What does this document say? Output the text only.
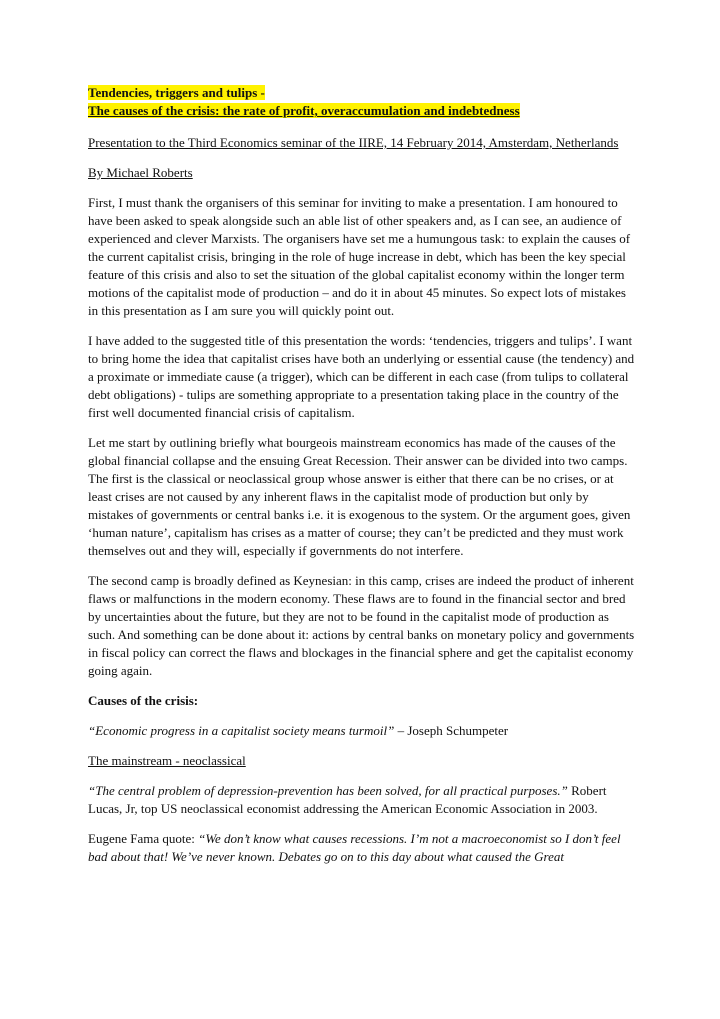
Tendencies, triggers and tulips -
The causes of the crisis: the rate of profit, overaccumulation and indebtedness

Presentation to the Third Economics seminar of the IIRE, 14 February 2014, Amsterdam, Netherlands

By Michael Roberts

First, I must thank the organisers of this seminar for inviting to make a presentation. I am honoured to have been asked to speak alongside such an able list of other speakers and, as I can see, an audience of experienced and clever Marxists. The organisers have set me a humungous task: to explain the causes of the current capitalist crisis, bringing in the role of huge increase in debt, which has been the key special feature of this crisis and also to set the situation of the global capitalist economy within the longer term motions of the capitalist mode of production – and do it in about 45 minutes. So expect lots of mistakes in this presentation as I am sure you will quickly point out.

I have added to the suggested title of this presentation the words: ‘tendencies, triggers and tulips’. I want to bring home the idea that capitalist crises have both an underlying or essential cause (the tendency) and a proximate or immediate cause (a trigger), which can be different in each case (from tulips to collateral debt obligations) - tulips are something appropriate to a presentation taking place in the country of the first well documented financial crisis of capitalism.

Let me start by outlining briefly what bourgeois mainstream economics has made of the causes of the global financial collapse and the ensuing Great Recession. Their answer can be divided into two camps. The first is the classical or neoclassical group whose answer is either that there can be no crises, or at least crises are not caused by any inherent flaws in the capitalist mode of production but only by mistakes of governments or central banks i.e. it is exogenous to the system. Or the argument goes, given ‘human nature’, capitalism has crises as a matter of course; they can’t be predicted and they must work themselves out and they will, especially if governments do not interfere.

The second camp is broadly defined as Keynesian: in this camp, crises are indeed the product of inherent flaws or malfunctions in the modern economy. These flaws are to found in the financial sector and bred by uncertainties about the future, but they are not to be found in the capitalist mode of production as such. And something can be done about it: actions by central banks on monetary policy and governments in fiscal policy can correct the flaws and blockages in the financial sphere and get the capitalist economy going again.

Causes of the crisis:

“Economic progress in a capitalist society means turmoil” – Joseph Schumpeter

The mainstream - neoclassical

“The central problem of depression-prevention has been solved, for all practical purposes.” Robert Lucas, Jr, top US neoclassical economist addressing the American Economic Association in 2003.

Eugene Fama quote: “We don’t know what causes recessions. I’m not a macroeconomist so I don’t feel bad about that! We’ve never known. Debates go on to this day about what caused the Great
